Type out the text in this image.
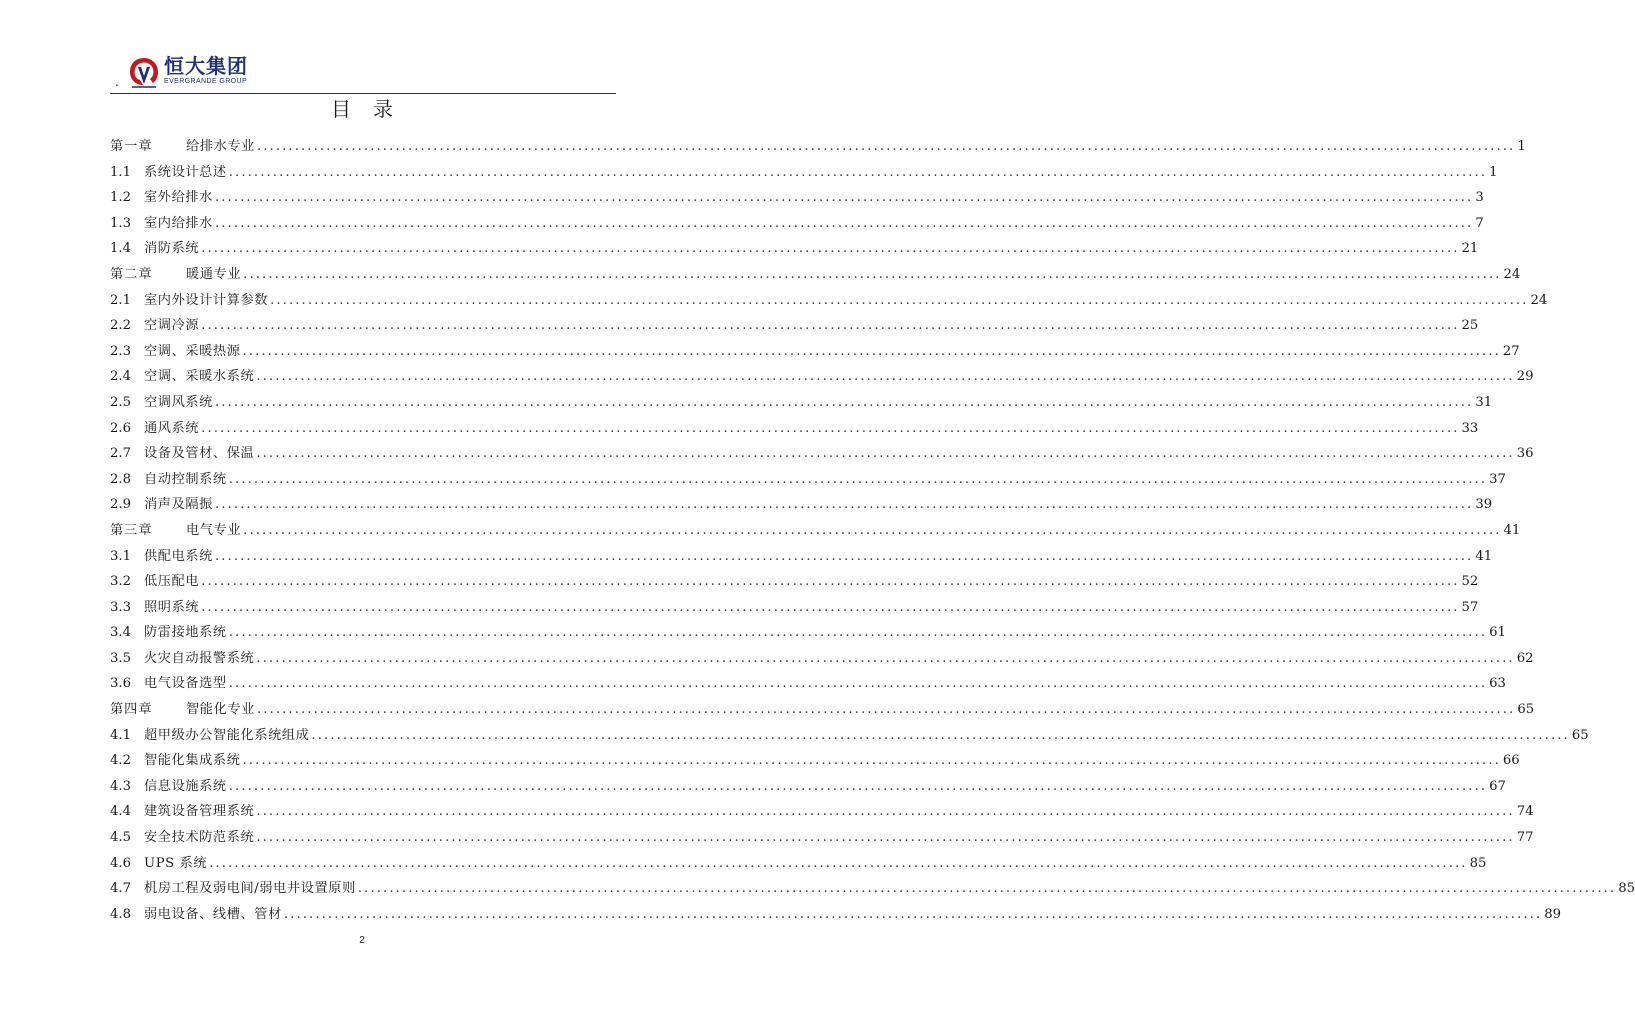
.
恒大集团
EVERGRANDE GROUP
目录
第一章	给排水专业 ........................................................................................................................................................................................................ 1
1.1 系统设计总述 ........................................................................................................................................................................................................ 1
1.2 室外给排水 ........................................................................................................................................................................................................ 3
1.3 室内给排水 ........................................................................................................................................................................................................ 7
1.4 消防系统 ........................................................................................................................................................................................................ 21
第二章	暖通专业 ........................................................................................................................................................................................................ 24
2.1 室内外设计计算参数 ........................................................................................................................................................................................................ 24
2.2 空调冷源 ........................................................................................................................................................................................................ 25
2.3 空调、采暖热源 ........................................................................................................................................................................................................ 27
2.4 空调、采暖水系统 ........................................................................................................................................................................................................ 29
2.5 空调风系统 ........................................................................................................................................................................................................ 31
2.6 通风系统 ........................................................................................................................................................................................................ 33
2.7 设备及管材、保温 ........................................................................................................................................................................................................ 36
2.8 自动控制系统 ........................................................................................................................................................................................................ 37
2.9 消声及隔振 ........................................................................................................................................................................................................ 39
第三章	电气专业 ........................................................................................................................................................................................................ 41
3.1 供配电系统 ........................................................................................................................................................................................................ 41
3.2 低压配电 ........................................................................................................................................................................................................ 52
3.3 照明系统 ........................................................................................................................................................................................................ 57
3.4 防雷接地系统 ........................................................................................................................................................................................................ 61
3.5 火灾自动报警系统 ........................................................................................................................................................................................................ 62
3.6 电气设备选型 ........................................................................................................................................................................................................ 63
第四章	智能化专业 ........................................................................................................................................................................................................ 65
4.1 超甲级办公智能化系统组成 ........................................................................................................................................................................................................ 65
4.2 智能化集成系统 ........................................................................................................................................................................................................ 66
4.3 信息设施系统 ........................................................................................................................................................................................................ 67
4.4 建筑设备管理系统 ........................................................................................................................................................................................................ 74
4.5 安全技术防范系统 ........................................................................................................................................................................................................ 77
4.6 UPS 系统 ........................................................................................................................................................................................................ 85
4.7 机房工程及弱电间/弱电井设置原则 ........................................................................................................................................................................................................ 85
4.8 弱电设备、线槽、管材 ........................................................................................................................................................................................................ 89
2
